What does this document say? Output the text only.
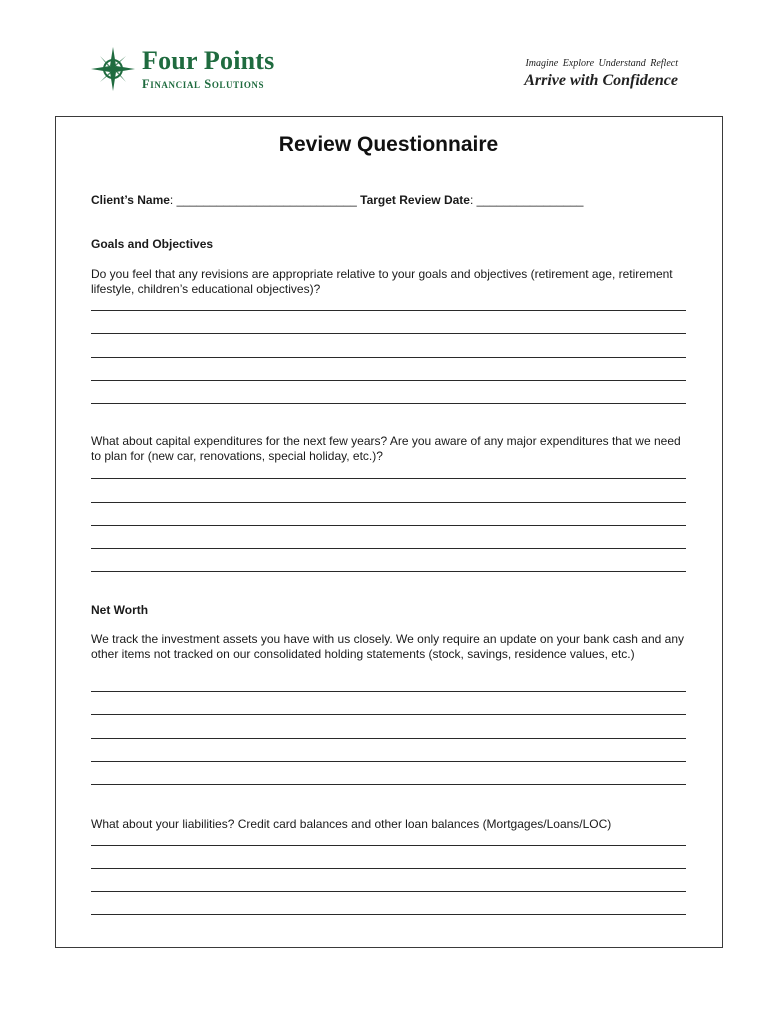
Four Points
Financial Solutions
Imagine Explore Understand Reflect
Arrive with Confidence
Review Questionnaire
Client’s Name: ___________________________ Target Review Date: ________________
Goals and Objectives
Do you feel that any revisions are appropriate relative to your goals and objectives (retirement age, retirement lifestyle, children’s educational objectives)?
What about capital expenditures for the next few years? Are you aware of any major expenditures that we need to plan for (new car, renovations, special holiday, etc.)?
Net Worth
We track the investment assets you have with us closely. We only require an update on your bank cash and any other items not tracked on our consolidated holding statements (stock, savings, residence values, etc.)
What about your liabilities? Credit card balances and other loan balances (Mortgages/Loans/LOC)
